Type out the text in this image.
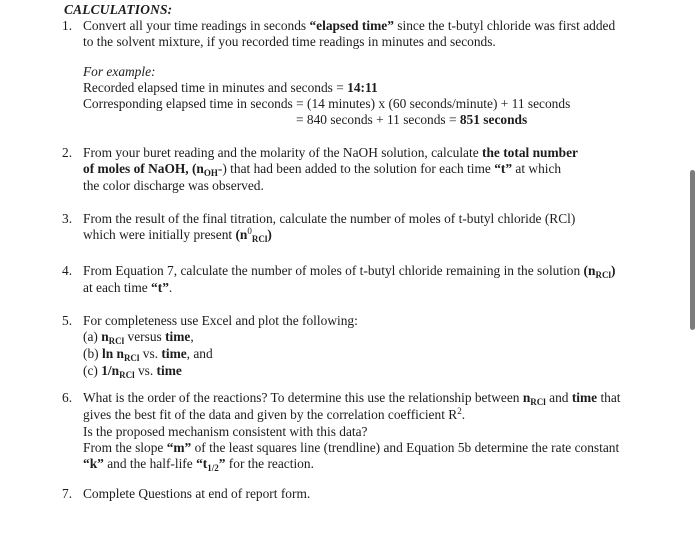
CALCULATIONS:
1. Convert all your time readings in seconds “elapsed time” since the t-butyl chloride was first added
to the solvent mixture, if you recorded time readings in minutes and seconds.
For example:
Recorded elapsed time in minutes and seconds = 14:11
Corresponding elapsed time in seconds = (14 minutes) x (60 seconds/minute) + 11 seconds
= 840 seconds + 11 seconds = 851 seconds
2. From your buret reading and the molarity of the NaOH solution, calculate the total number
of moles of NaOH, $(n_{OH}-)$ that had been added to the solution for each time “t” at which
the color discharge was observed.
3. From the result of the final titration, calculate the number of moles of t-butyl chloride (RCl)
which were initially present $(n^0_{RCl})$
4. From Equation 7, calculate the number of moles of t-butyl chloride remaining in the solution $(n_{RCl})$
at each time “t”.
5. For completeness use Excel and plot the following:
(a) $n_{RCl}$ versus time,
(b) $\ln n_{RCl}$ vs. time, and
(c) $1/n_{RCl}$ vs. time
6. What is the order of the reactions? To determine this use the relationship between $n_{RCl}$ and time that
gives the best fit of the data and given by the correlation coefficient $R^2$.
Is the proposed mechanism consistent with this data?
From the slope “m” of the least squares line (trendline) and Equation 5b determine the rate constant
“k” and the half-life “$t_{1/2}$” for the reaction.
7. Complete Questions at end of report form.
